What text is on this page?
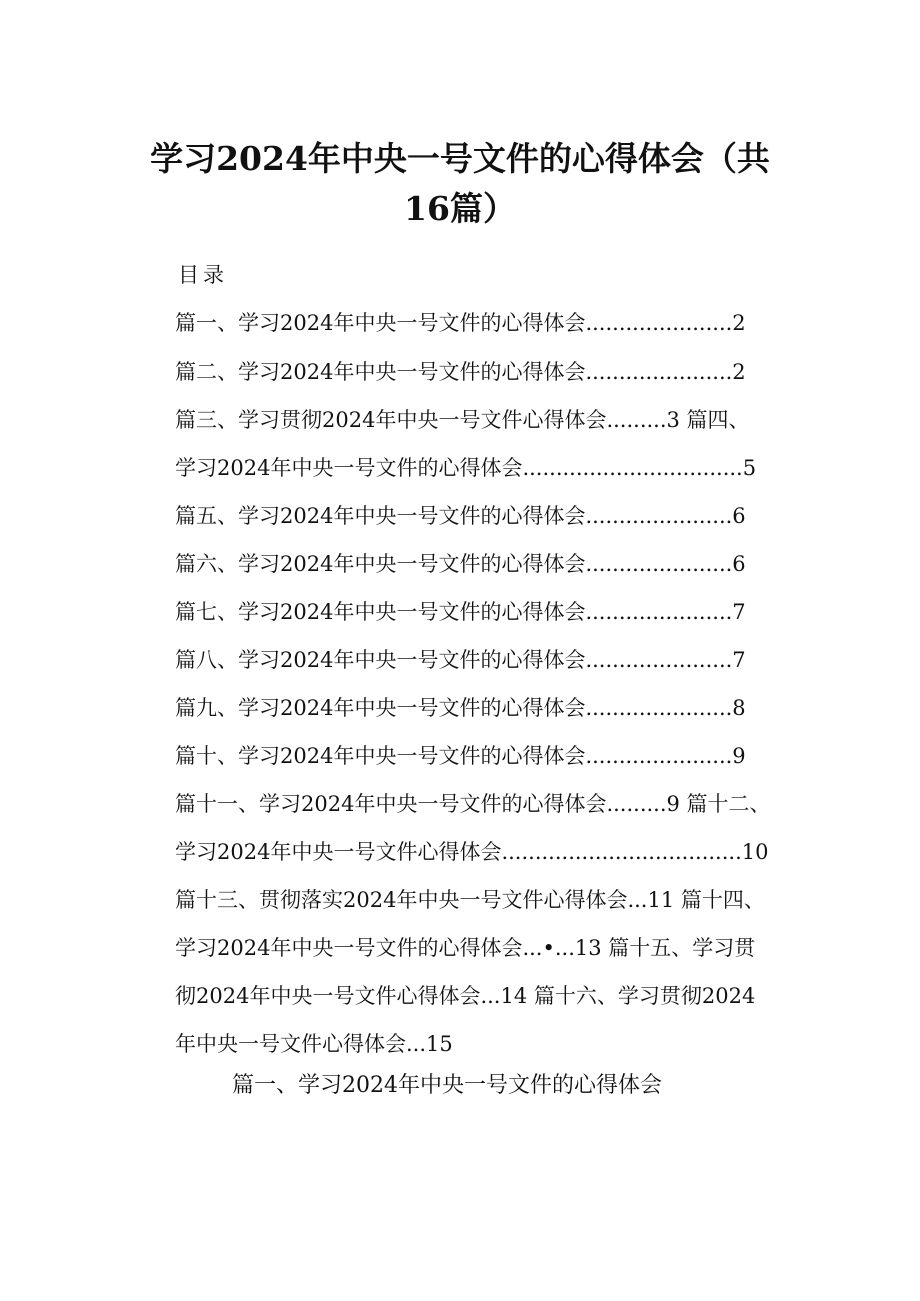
学习2024年中央一号文件的心得体会（共
16篇）
目录
篇一、学习2024年中央一号文件的心得体会......................2
篇二、学习2024年中央一号文件的心得体会......................2
篇三、学习贯彻2024年中央一号文件心得体会.........3 篇四、
学习2024年中央一号文件的心得体会.................................5
篇五、学习2024年中央一号文件的心得体会......................6
篇六、学习2024年中央一号文件的心得体会......................6
篇七、学习2024年中央一号文件的心得体会......................7
篇八、学习2024年中央一号文件的心得体会......................7
篇九、学习2024年中央一号文件的心得体会......................8
篇十、学习2024年中央一号文件的心得体会......................9
篇十一、学习2024年中央一号文件的心得体会.........9 篇十二、
学习2024年中央一号文件心得体会....................................10
篇十三、贯彻落实2024年中央一号文件心得体会...11 篇十四、
学习2024年中央一号文件的心得体会...•...13 篇十五、学习贯
彻2024年中央一号文件心得体会...14 篇十六、学习贯彻2024
年中央一号文件心得体会...15
篇一、学习2024年中央一号文件的心得体会
